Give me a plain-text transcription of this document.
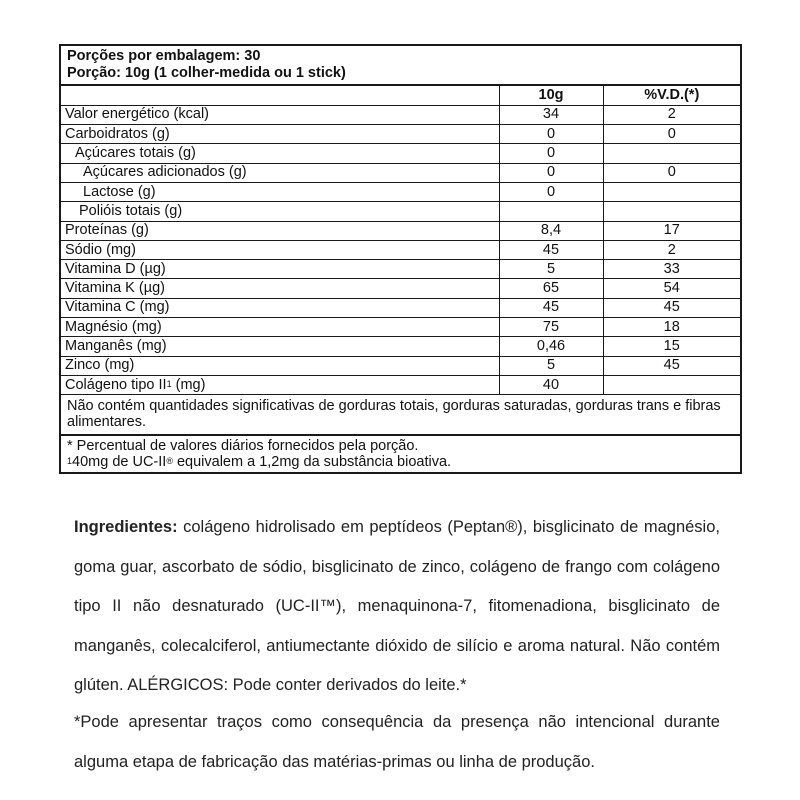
Porções por embalagem: 30
Porção: 10g (1 colher-medida ou 1 stick)
	10g	%V.D.(*)
Valor energético (kcal)	34	2
Carboidratos (g)	0	0
Açúcares totais (g)	0	
Açúcares adicionados (g)	0	0
Lactose (g)	0	
Polióis totais (g)		
Proteínas (g)	8,4	17
Sódio (mg)	45	2
Vitamina D (µg)	5	33
Vitamina K (µg)	65	54
Vitamina C (mg)	45	45
Magnésio (mg)	75	18
Manganês (mg)	0,46	15
Zinco (mg)	5	45
Colágeno tipo $II^1$ (mg)	40	
Não contém quantidades significativas de gorduras totais, gorduras saturadas, gorduras trans e fibras alimentares.
* Percentual de valores diários fornecidos pela porção.
$^1$40mg de UC-II® equivalem a 1,2mg da substância bioativa.

Ingredientes: colágeno hidrolisado em peptídeos (Peptan®), bisglicinato de magnésio, goma guar, ascorbato de sódio, bisglicinato de zinco, colágeno de frango com colágeno tipo II não desnaturado (UC-II™), menaquinona-7, fitomenadiona, bisglicinato de manganês, colecalciferol, antiumectante dióxido de silício e aroma natural. Não contém glúten. ALÉRGICOS: Pode conter derivados do leite.*

*Pode apresentar traços como consequência da presença não intencional durante alguma etapa de fabricação das matérias-primas ou linha de produção.
